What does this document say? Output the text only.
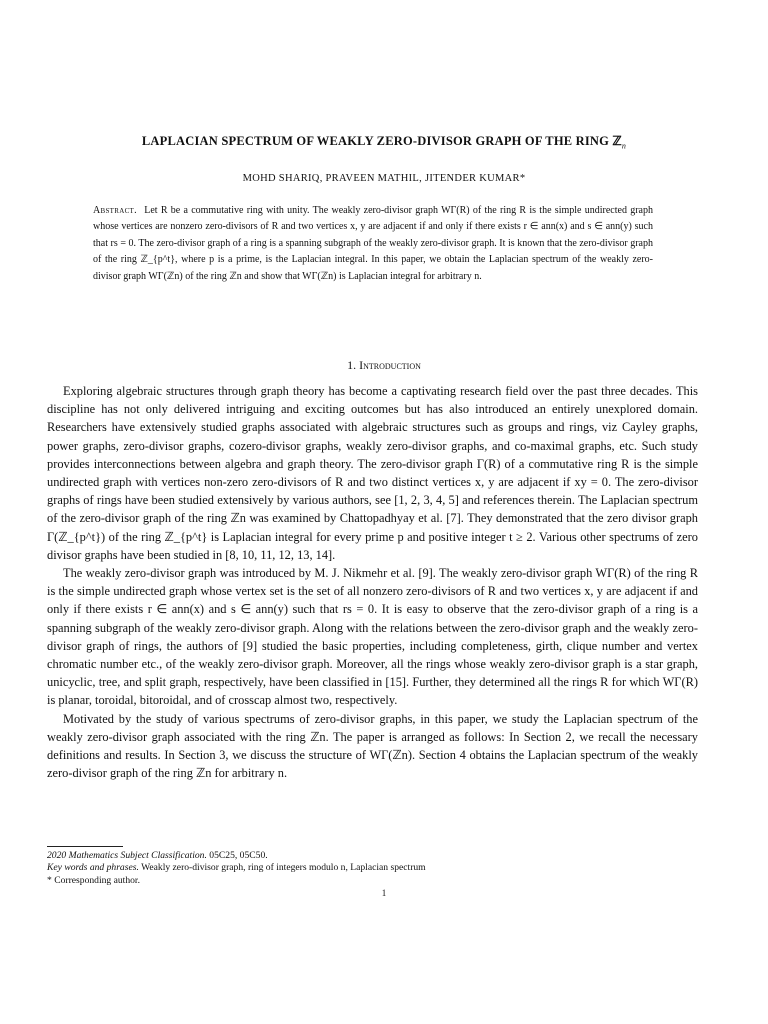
LAPLACIAN SPECTRUM OF WEAKLY ZERO-DIVISOR GRAPH OF THE RING ℤ$_n$
MOHD SHARIQ, PRAVEEN MATHIL, JITENDER KUMAR*
Abstract. Let R be a commutative ring with unity. The weakly zero-divisor graph WΓ(R) of the ring R is the simple undirected graph whose vertices are nonzero zero-divisors of R and two vertices x, y are adjacent if and only if there exists r ∈ ann(x) and s ∈ ann(y) such that rs = 0. The zero-divisor graph of a ring is a spanning subgraph of the weakly zero-divisor graph. It is known that the zero-divisor graph of the ring ℤ_{p^t}, where p is a prime, is the Laplacian integral. In this paper, we obtain the Laplacian spectrum of the weakly zero-divisor graph WΓ(ℤn) of the ring ℤn and show that WΓ(ℤn) is Laplacian integral for arbitrary n.
1. Introduction

Exploring algebraic structures through graph theory has become a captivating research field over the past three decades. This discipline has not only delivered intriguing and exciting outcomes but has also introduced an entirely unexplored domain. Researchers have extensively studied graphs associated with algebraic structures such as groups and rings, viz Cayley graphs, power graphs, zero-divisor graphs, cozero-divisor graphs, weakly zero-divisor graphs, and co-maximal graphs, etc. Such study provides interconnections between algebra and graph theory. The zero-divisor graph Γ(R) of a commutative ring R is the simple undirected graph with vertices non-zero zero-divisors of R and two distinct vertices x, y are adjacent if xy = 0. The zero-divisor graphs of rings have been studied extensively by various authors, see [1, 2, 3, 4, 5] and references therein. The Laplacian spectrum of the zero-divisor graph of the ring ℤn was examined by Chattopadhyay et al. [7]. They demonstrated that the zero divisor graph Γ(ℤ_{p^t}) of the ring ℤ_{p^t} is Laplacian integral for every prime p and positive integer t ≥ 2. Various other spectrums of zero divisor graphs have been studied in [8, 10, 11, 12, 13, 14].

The weakly zero-divisor graph was introduced by M. J. Nikmehr et al. [9]. The weakly zero-divisor graph WΓ(R) of the ring R is the simple undirected graph whose vertex set is the set of all nonzero zero-divisors of R and two vertices x, y are adjacent if and only if there exists r ∈ ann(x) and s ∈ ann(y) such that rs = 0. It is easy to observe that the zero-divisor graph of a ring is a spanning subgraph of the weakly zero-divisor graph. Along with the relations between the zero-divisor graph and the weakly zero-divisor graph of rings, the authors of [9] studied the basic properties, including completeness, girth, clique number and vertex chromatic number etc., of the weakly zero-divisor graph. Moreover, all the rings whose weakly zero-divisor graph is a star graph, unicyclic, tree, and split graph, respectively, have been classified in [15]. Further, they determined all the rings R for which WΓ(R) is planar, toroidal, bitoroidal, and of crosscap almost two, respectively.

Motivated by the study of various spectrums of zero-divisor graphs, in this paper, we study the Laplacian spectrum of the weakly zero-divisor graph associated with the ring ℤn. The paper is arranged as follows: In Section 2, we recall the necessary definitions and results. In Section 3, we discuss the structure of WΓ(ℤn). Section 4 obtains the Laplacian spectrum of the weakly zero-divisor graph of the ring ℤn for arbitrary n.

2020 Mathematics Subject Classification. 05C25, 05C50.
Key words and phrases. Weakly zero-divisor graph, ring of integers modulo n, Laplacian spectrum
* Corresponding author.
1
